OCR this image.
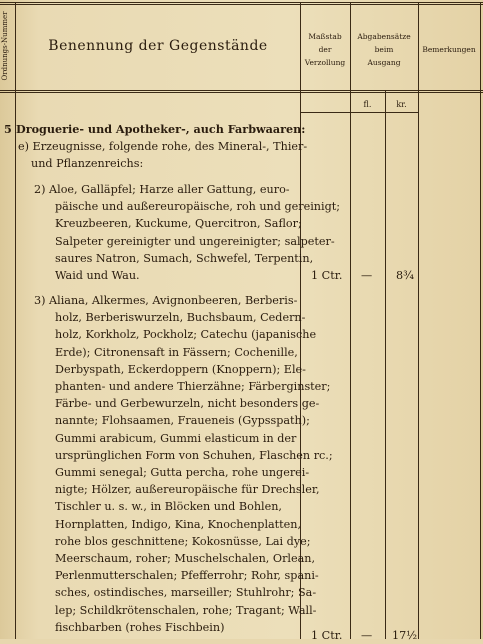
Ordnungs-Nummer	Benennung der Gegenstände
Maßstab
der
Verzollung
Abgabensätze
beim
Ausgang
Bemerkungen
fl.	kr.
5 Droguerie- und Apotheker-, auch Farbwaaren:
e) Erzeugnisse, folgende rohe, des Mineral-, Thier-
und Pflanzenreichs:
2) Aloe, Galläpfel; Harze aller Gattung, euro-
päische und außereuropäische, roh und gereinigt;
Kreuzbeeren, Kuckume, Quercitron, Saflor;
Salpeter gereinigter und ungereinigter; salpeter-
saures Natron, Sumach, Schwefel, Terpentin,
Waid und Wau.	1 Ctr. — 8¾
3) Aliana, Alkermes, Avignonbeeren, Berberis-
holz, Berberiswurzeln, Buchsbaum, Cedern-
holz, Korkholz, Pockholz; Catechu (japanische
Erde); Citronensaft in Fässern; Cochenille,
Derbyspath, Eckerdoppern (Knoppern); Ele-
phanten- und andere Thierzähne; Färberginster;
Färbe- und Gerbewurzeln, nicht besonders ge-
nannte; Flohsaamen, Fraueneis (Gypsspath);
Gummi arabicum, Gummi elasticum in der
ursprünglichen Form von Schuhen, Flaschen rc.;
Gummi senegal; Gutta percha, rohe ungerei-
nigte; Hölzer, außereuropäische für Drechsler,
Tischler u. s. w., in Blöcken und Bohlen,
Hornplatten, Indigo, Kina, Knochenplatten,
rohe blos geschnittene; Kokosnüsse, Lai dye;
Meerschaum, roher; Muschelschalen, Orlean,
Perlenmutterschalen; Pfefferrohr; Rohr, spani-
sches, ostindisches, marseiller; Stuhlrohr; Sa-
lep; Schildkrötenschalen, rohe; Tragant; Wall-
fischbarben (rohes Fischbein)
1 Ctr. — 17½
